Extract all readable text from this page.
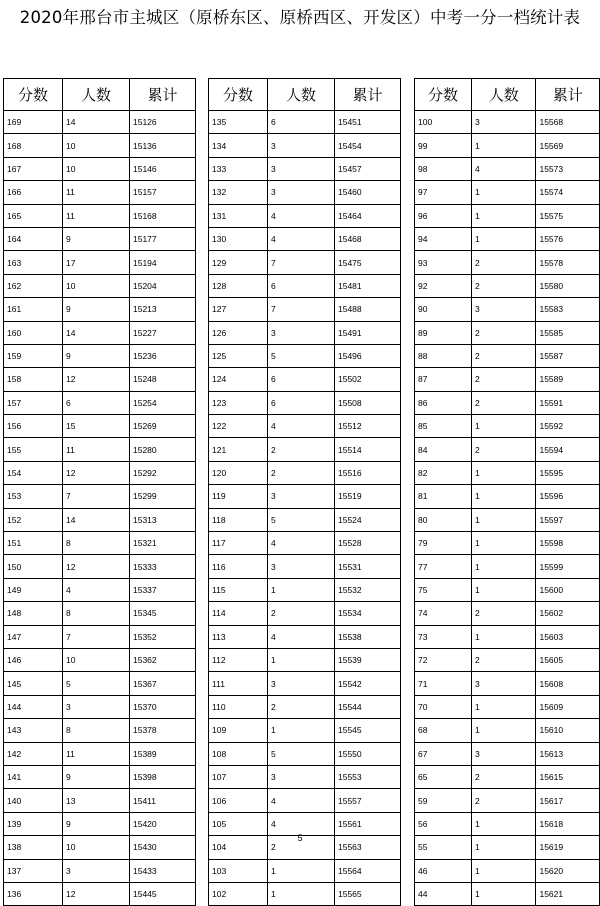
2020年邢台市主城区（原桥东区、原桥西区、开发区）中考一分一档统计表
分数	人数	累计
169	14	15126
168	10	15136
167	10	15146
166	11	15157
165	11	15168
164	9	15177
163	17	15194
162	10	15204
161	9	15213
160	14	15227
159	9	15236
158	12	15248
157	6	15254
156	15	15269
155	11	15280
154	12	15292
153	7	15299
152	14	15313
151	8	15321
150	12	15333
149	4	15337
148	8	15345
147	7	15352
146	10	15362
145	5	15367
144	3	15370
143	8	15378
142	11	15389
141	9	15398
140	13	15411
139	9	15420
138	10	15430
137	3	15433
136	12	15445
分数	人数	累计
135	6	15451
134	3	15454
133	3	15457
132	3	15460
131	4	15464
130	4	15468
129	7	15475
128	6	15481
127	7	15488
126	3	15491
125	5	15496
124	6	15502
123	6	15508
122	4	15512
121	2	15514
120	2	15516
119	3	15519
118	5	15524
117	4	15528
116	3	15531
115	1	15532
114	2	15534
113	4	15538
112	1	15539
111	3	15542
110	2	15544
109	1	15545
108	5	15550
107	3	15553
106	4	15557
105	4	15561
104	2	15563
103	1	15564
102	1	15565
分数	人数	累计
100	3	15568
99	1	15569
98	4	15573
97	1	15574
96	1	15575
94	1	15576
93	2	15578
92	2	15580
90	3	15583
89	2	15585
88	2	15587
87	2	15589
86	2	15591
85	1	15592
84	2	15594
82	1	15595
81	1	15596
80	1	15597
79	1	15598
77	1	15599
75	1	15600
74	2	15602
73	1	15603
72	2	15605
71	3	15608
70	1	15609
68	1	15610
67	3	15613
65	2	15615
59	2	15617
56	1	15618
55	1	15619
46	1	15620
44	1	15621
5
